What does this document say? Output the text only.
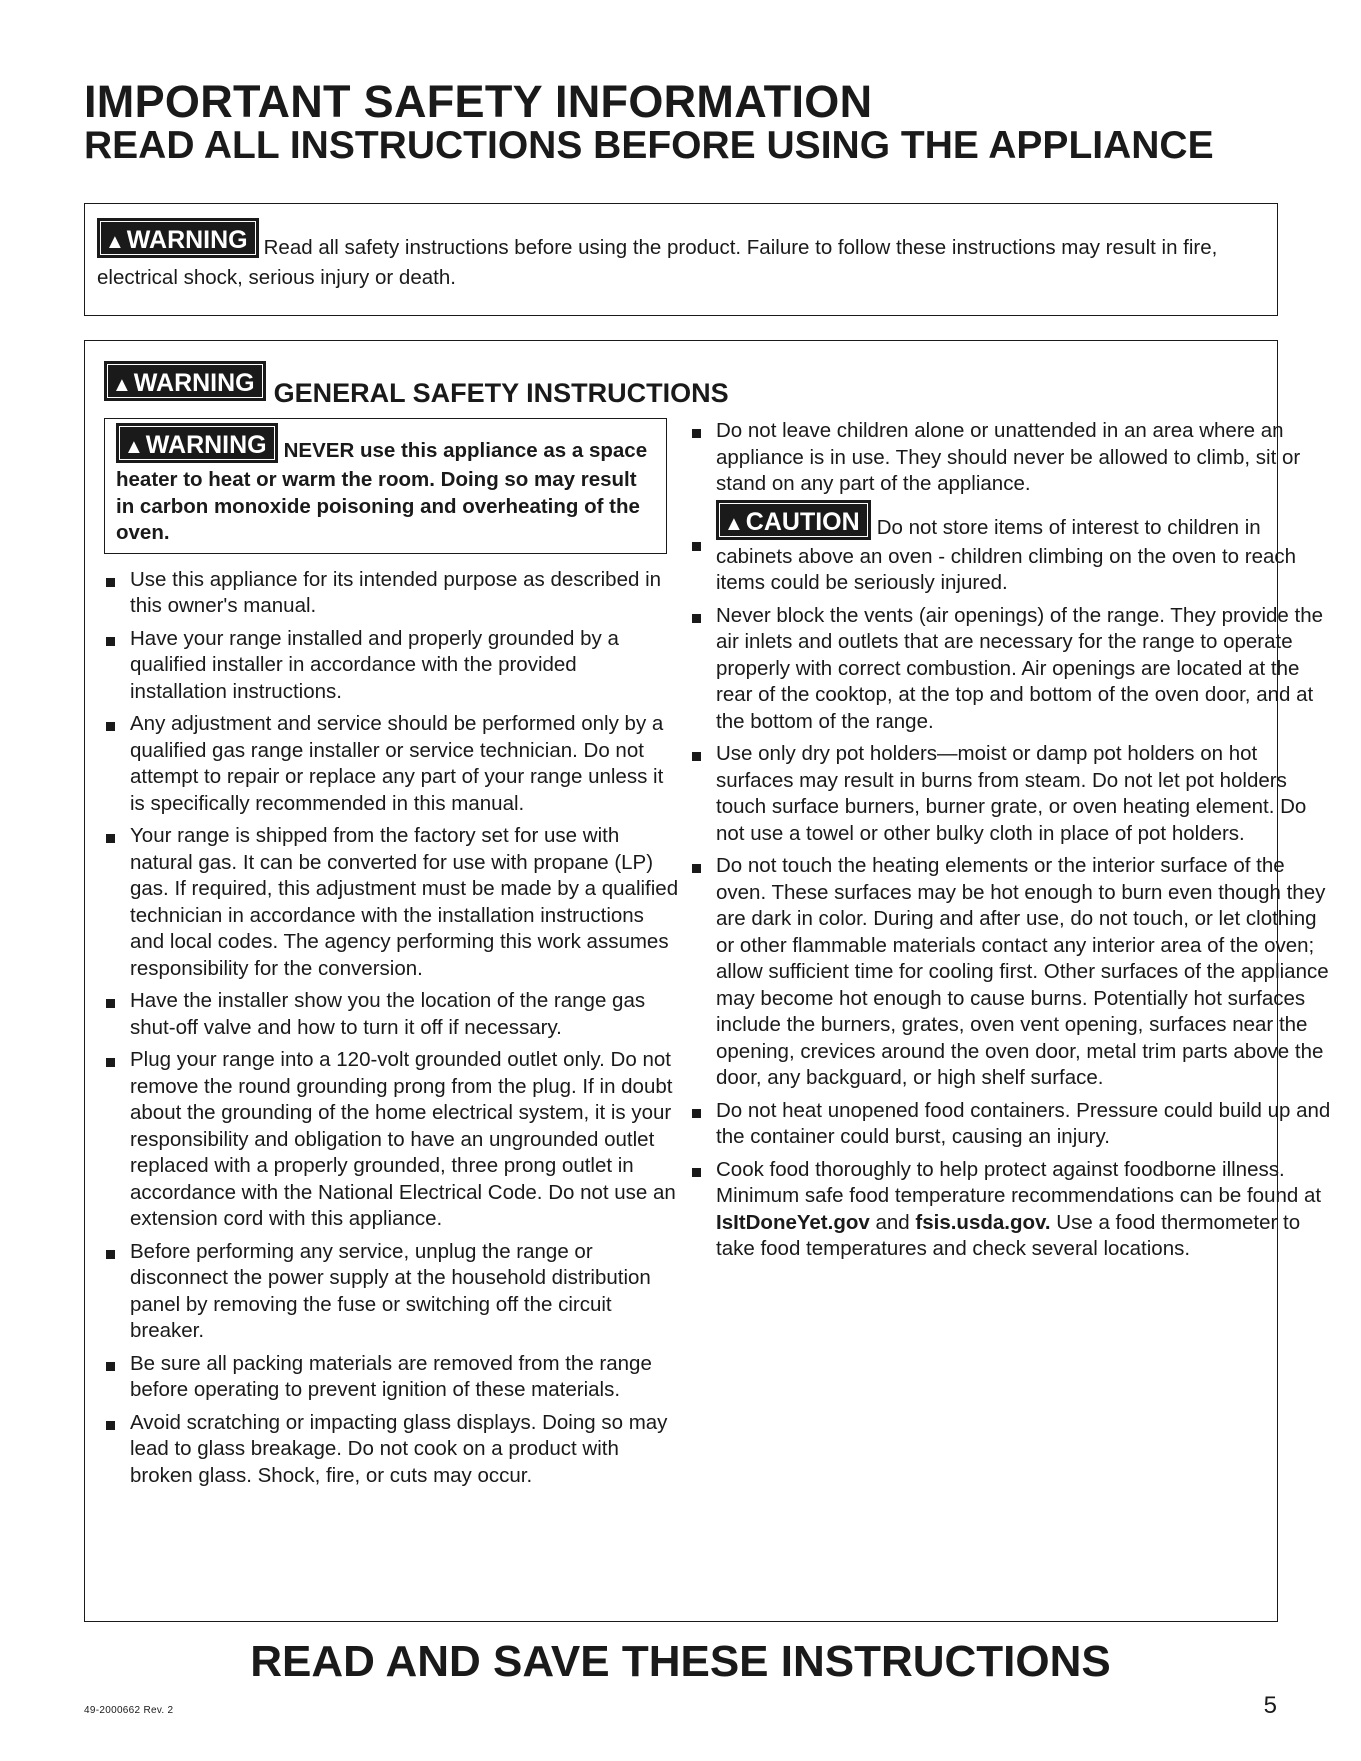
IMPORTANT SAFETY INFORMATION
READ ALL INSTRUCTIONS BEFORE USING THE APPLIANCE
▲WARNING Read all safety instructions before using the product. Failure to follow these instructions may result in fire, electrical shock, serious injury or death.
▲WARNING GENERAL SAFETY INSTRUCTIONS
▲WARNING NEVER use this appliance as a space heater to heat or warm the room. Doing so may result in carbon monoxide poisoning and overheating of the oven.
Use this appliance for its intended purpose as described in this owner's manual.
Have your range installed and properly grounded by a qualified installer in accordance with the provided installation instructions.
Any adjustment and service should be performed only by a qualified gas range installer or service technician. Do not attempt to repair or replace any part of your range unless it is specifically recommended in this manual.
Your range is shipped from the factory set for use with natural gas. It can be converted for use with propane (LP) gas. If required, this adjustment must be made by a qualified technician in accordance with the installation instructions and local codes. The agency performing this work assumes responsibility for the conversion.
Have the installer show you the location of the range gas shut-off valve and how to turn it off if necessary.
Plug your range into a 120-volt grounded outlet only. Do not remove the round grounding prong from the plug. If in doubt about the grounding of the home electrical system, it is your responsibility and obligation to have an ungrounded outlet replaced with a properly grounded, three prong outlet in accordance with the National Electrical Code. Do not use an extension cord with this appliance.
Before performing any service, unplug the range or disconnect the power supply at the household distribution panel by removing the fuse or switching off the circuit breaker.
Be sure all packing materials are removed from the range before operating to prevent ignition of these materials.
Avoid scratching or impacting glass displays. Doing so may lead to glass breakage. Do not cook on a product with broken glass. Shock, fire, or cuts may occur.
Do not leave children alone or unattended in an area where an appliance is in use. They should never be allowed to climb, sit or stand on any part of the appliance.
▲CAUTION Do not store items of interest to children in cabinets above an oven - children climbing on the oven to reach items could be seriously injured.
Never block the vents (air openings) of the range. They provide the air inlets and outlets that are necessary for the range to operate properly with correct combustion. Air openings are located at the rear of the cooktop, at the top and bottom of the oven door, and at the bottom of the range.
Use only dry pot holders—moist or damp pot holders on hot surfaces may result in burns from steam. Do not let pot holders touch surface burners, burner grate, or oven heating element. Do not use a towel or other bulky cloth in place of pot holders.
Do not touch the heating elements or the interior surface of the oven. These surfaces may be hot enough to burn even though they are dark in color. During and after use, do not touch, or let clothing or other flammable materials contact any interior area of the oven; allow sufficient time for cooling first. Other surfaces of the appliance may become hot enough to cause burns. Potentially hot surfaces include the burners, grates, oven vent opening, surfaces near the opening, crevices around the oven door, metal trim parts above the door, any backguard, or high shelf surface.
Do not heat unopened food containers. Pressure could build up and the container could burst, causing an injury.
Cook food thoroughly to help protect against foodborne illness. Minimum safe food temperature recommendations can be found at IsItDoneYet.gov and fsis.usda.gov. Use a food thermometer to take food temperatures and check several locations.
READ AND SAVE THESE INSTRUCTIONS
49-2000662 Rev. 2	5
